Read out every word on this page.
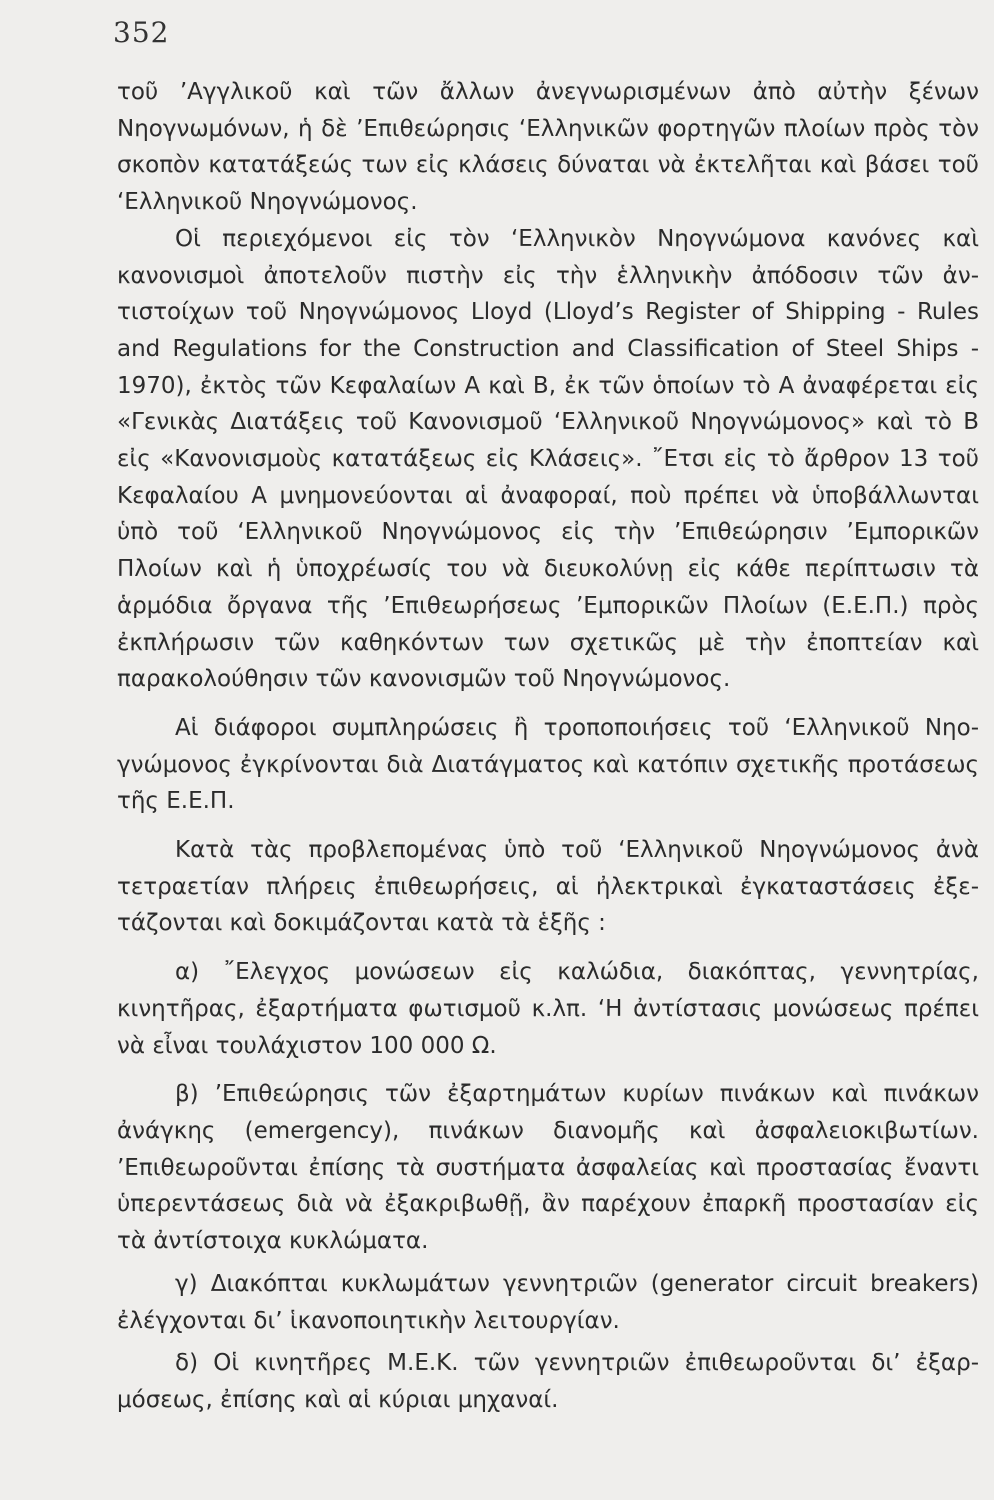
352

τοῦ ’Αγγλικοῦ καὶ τῶν ἄλλων ἀνεγνωρισμένων ἀπὸ αὐτὴν ξένων Νηογνωμόνων, ἡ δὲ ’Επιθεώρησις ‘Ελληνικῶν φορτηγῶν πλοίων πρὸς τὸν σκοπὸν κατατάξεώς των εἰς κλάσεις δύναται νὰ ἐκτελῆται καὶ βάσει τοῦ ‘Ελληνικοῦ Νηογνώμονος.

Οἱ περιεχόμενοι εἰς τὸν ‘Ελληνικὸν Νηογνώμονα κανόνες καὶ κανονισμοὶ ἀποτελοῦν πιστὴν εἰς τὴν ἑλληνικὴν ἀπόδοσιν τῶν ἀντιστοίχων τοῦ Νηογνώμονος Lloyd (Lloyd’s Register of Shipping - Rules and Regulations for the Construction and Classification of Steel Ships - 1970), ἐκτὸς τῶν Κεφαλαίων Α καὶ Β, ἐκ τῶν ὁποίων τὸ Α ἀναφέρεται εἰς «Γενικὰς Διατάξεις τοῦ Κανονισμοῦ ‘Ελληνικοῦ Νηογνώμονος» καὶ τὸ Β εἰς «Κανονισμοὺς κατατάξεως εἰς Κλάσεις». ῎Ετσι εἰς τὸ ἄρθρον 13 τοῦ Κεφαλαίου Α μνημονεύονται αἱ ἀναφοραί, ποὺ πρέπει νὰ ὑποβάλλωνται ὑπὸ τοῦ ‘Ελληνικοῦ Νηογνώμονος εἰς τὴν ’Επιθεώρησιν ’Εμπορικῶν Πλοίων καὶ ἡ ὑποχρέωσίς του νὰ διευκολύνῃ εἰς κάθε περίπτωσιν τὰ ἁρμόδια ὄργανα τῆς ’Επιθεωρήσεως ’Εμπορικῶν Πλοίων (Ε.Ε.Π.) πρὸς ἐκπλήρωσιν τῶν καθηκόντων των σχετικῶς μὲ τὴν ἐποπτείαν καὶ παρακολούθησιν τῶν κανονισμῶν τοῦ Νηογνώμονος.

Αἱ διάφοροι συμπληρώσεις ἢ τροποποιήσεις τοῦ ‘Ελληνικοῦ Νηογνώμονος ἐγκρίνονται διὰ Διατάγματος καὶ κατόπιν σχετικῆς προτάσεως τῆς Ε.Ε.Π.

Κατὰ τὰς προβλεπομένας ὑπὸ τοῦ ‘Ελληνικοῦ Νηογνώμονος ἀνὰ τετραετίαν πλήρεις ἐπιθεωρήσεις, αἱ ἠλεκτρικαὶ ἐγκαταστάσεις ἐξετάζονται καὶ δοκιμάζονται κατὰ τὰ ἑξῆς :

α) ῎Ελεγχος μονώσεων εἰς καλώδια, διακόπτας, γεννητρίας, κινητῆρας, ἐξαρτήματα φωτισμοῦ κ.λπ. ‘Η ἀντίστασις μονώσεως πρέπει νὰ εἶναι τουλάχιστον 100 000 Ω.

β) ’Επιθεώρησις τῶν ἐξαρτημάτων κυρίων πινάκων καὶ πινάκων ἀνάγκης (emergency), πινάκων διανομῆς καὶ ἀσφαλειοκιβωτίων. ’Επιθεωροῦνται ἐπίσης τὰ συστήματα ἀσφαλείας καὶ προστασίας ἔναντι ὑπερεντάσεως διὰ νὰ ἐξακριβωθῇ, ἂν παρέχουν ἐπαρκῆ προστασίαν εἰς τὰ ἀντίστοιχα κυκλώματα.

γ) Διακόπται κυκλωμάτων γεννητριῶν (generator circuit breakers) ἐλέγχονται δι’ ἱκανοποιητικὴν λειτουργίαν.

δ) Οἱ κινητῆρες Μ.Ε.Κ. τῶν γεννητριῶν ἐπιθεωροῦνται δι’ ἐξαρμόσεως, ἐπίσης καὶ αἱ κύριαι μηχαναί.
